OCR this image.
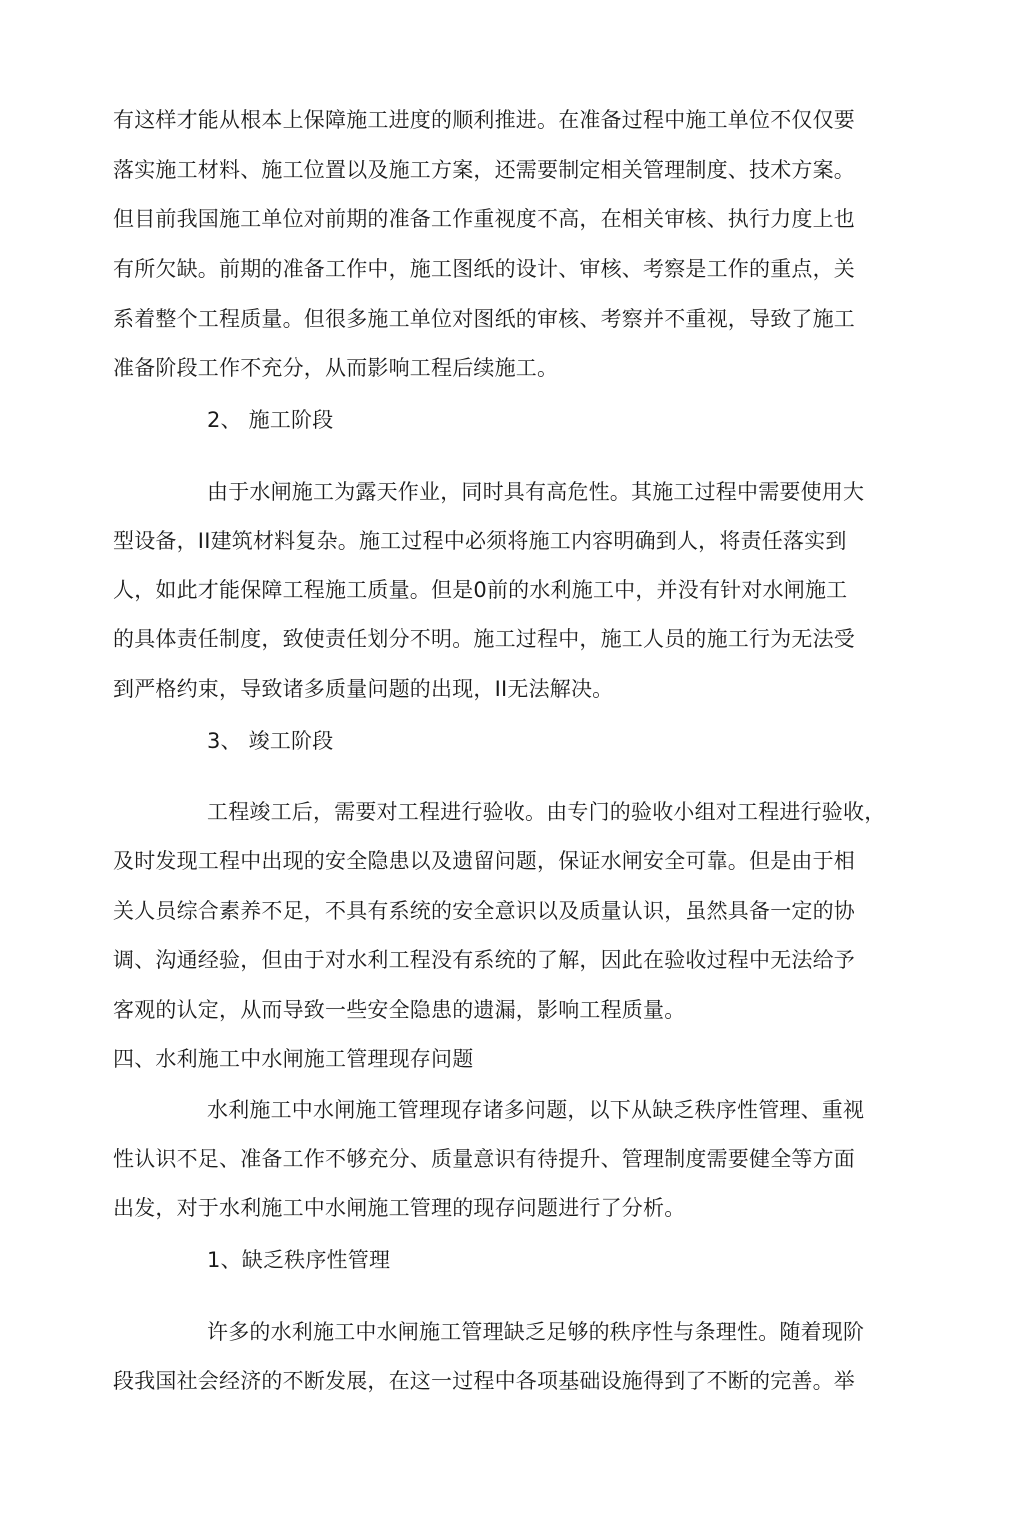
有这样才能从根本上保障施工进度的顺利推进。在准备过程中施工单位不仅仅要
落实施工材料、施工位置以及施工方案，还需要制定相关管理制度、技术方案。
但目前我国施工单位对前期的准备工作重视度不高，在相关审核、执行力度上也
有所欠缺。前期的准备工作中，施工图纸的设计、审核、考察是工作的重点，关
系着整个工程质量。但很多施工单位对图纸的审核、考察并不重视，导致了施工
准备阶段工作不充分，从而影响工程后续施工。
2、 施工阶段
由于水闸施工为露天作业，同时具有高危性。其施工过程中需要使用大
型设备，II建筑材料复杂。施工过程中必须将施工内容明确到人，将责任落实到
人，如此才能保障工程施工质量。但是0前的水利施工中，并没有针对水闸施工
的具体责任制度，致使责任划分不明。施工过程中，施工人员的施工行为无法受
到严格约束，导致诸多质量问题的出现，II无法解决。
3、 竣工阶段
工程竣工后，需要对工程进行验收。由专门的验收小组对工程进行验收，
及时发现工程中出现的安全隐患以及遗留问题，保证水闸安全可靠。但是由于相
关人员综合素养不足，不具有系统的安全意识以及质量认识，虽然具备一定的协
调、沟通经验，但由于对水利工程没有系统的了解，因此在验收过程中无法给予
客观的认定，从而导致一些安全隐患的遗漏，影响工程质量。
四、水利施工中水闸施工管理现存问题
水利施工中水闸施工管理现存诸多问题，以下从缺乏秩序性管理、重视
性认识不足、准备工作不够充分、质量意识有待提升、管理制度需要健全等方面
出发，对于水利施工中水闸施工管理的现存问题进行了分析。
1、缺乏秩序性管理
许多的水利施工中水闸施工管理缺乏足够的秩序性与条理性。随着现阶
段我国社会经济的不断发展，在这一过程中各项基础设施得到了不断的完善。举
